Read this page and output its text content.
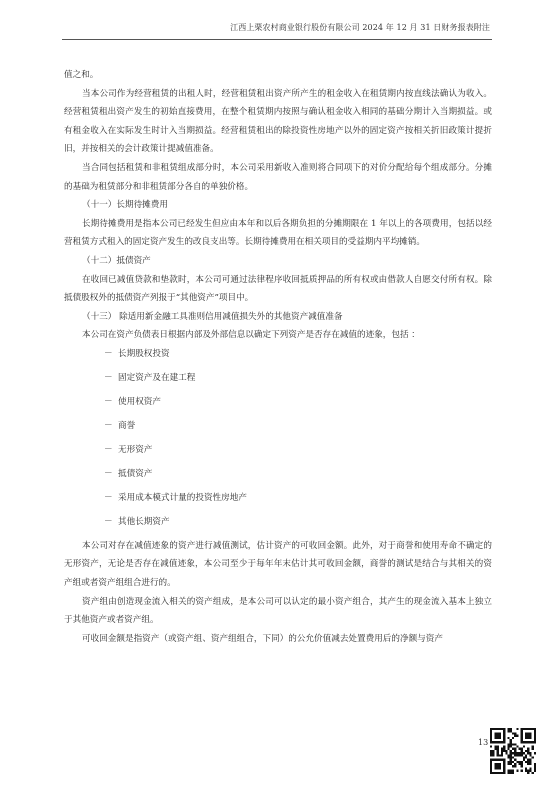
江西上栗农村商业银行股份有限公司 2024 年 12 月 31 日财务报表附注

值之和。

当本公司作为经营租赁的出租人时，经营租赁租出资产所产生的租金收入在租赁期内按直线法确认为收入。经营租赁租出资产发生的初始直接费用，在整个租赁期内按照与确认租金收入相同的基础分期计入当期损益。或有租金收入在实际发生时计入当期损益。经营租赁租出的除投资性房地产以外的固定资产按相关折旧政策计提折旧，并按相关的会计政策计提减值准备。

当合同包括租赁和非租赁组成部分时，本公司采用新收入准则将合同项下的对价分配给每个组成部分。分摊的基础为租赁部分和非租赁部分各自的单独价格。

（十一）长期待摊费用

长期待摊费用是指本公司已经发生但应由本年和以后各期负担的分摊期限在 1 年以上的各项费用，包括以经营租赁方式租入的固定资产发生的改良支出等。长期待摊费用在相关项目的受益期内平均摊销。

（十二）抵债资产

在收回已减值贷款和垫款时，本公司可通过法律程序收回抵质押品的所有权或由借款人自愿交付所有权。除抵债股权外的抵债资产列报于“其他资产”项目中。

（十三） 除适用新金融工具准则信用减值损失外的其他资产减值准备

本公司在资产负债表日根据内部及外部信息以确定下列资产是否存在减值的迹象，包括 ：

－ 长期股权投资

－ 固定资产及在建工程

－ 使用权资产

－ 商誉

－ 无形资产

－ 抵债资产

－ 采用成本模式计量的投资性房地产

－ 其他长期资产

本公司对存在减值迹象的资产进行减值测试，估计资产的可收回金额。此外，对于商誉和使用寿命不确定的无形资产，无论是否存在减值迹象，本公司至少于每年年末估计其可收回金额，商誉的测试是结合与其相关的资产组或者资产组组合进行的。

资产组由创造现金流入相关的资产组成，是本公司可以认定的最小资产组合，其产生的现金流入基本上独立于其他资产或者资产组。

可收回金额是指资产（或资产组、资产组组合，下同）的公允价值减去处置费用后的净额与资产

13
